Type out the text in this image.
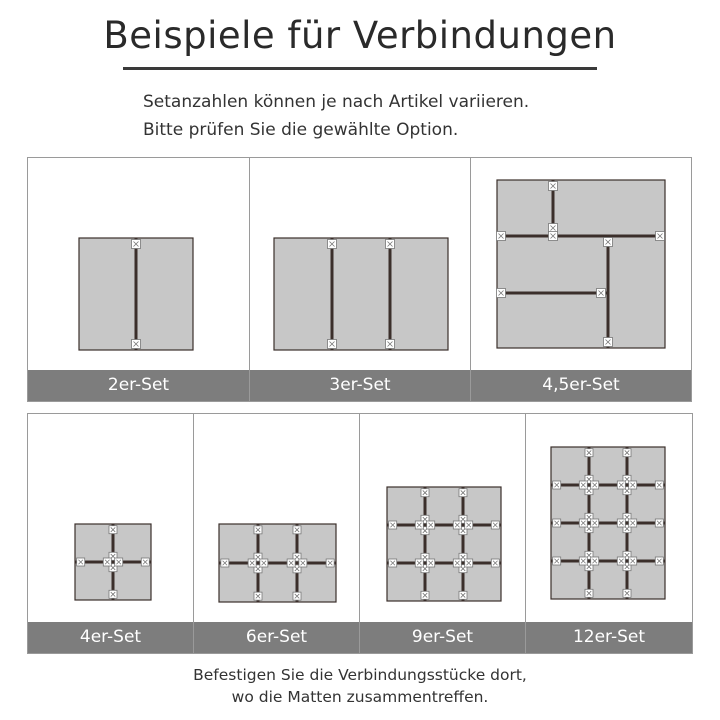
Beispiele für Verbindungen
Setanzahlen können je nach Artikel variieren.
Bitte prüfen Sie die gewählte Option.
2er-Set	3er-Set	4,5er-Set
4er-Set	6er-Set	9er-Set	12er-Set
Befestigen Sie die Verbindungsstücke dort,
wo die Matten zusammentreffen.
